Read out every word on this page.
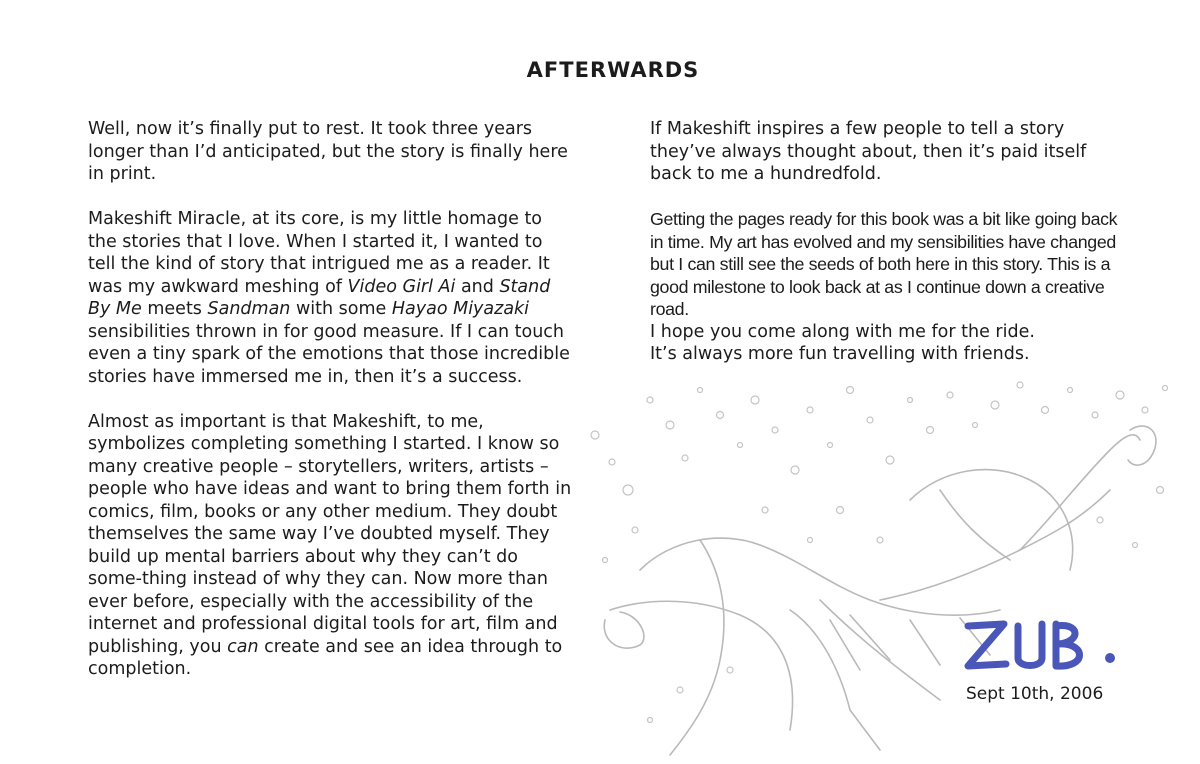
AFTERWARDS

Well, now it’s finally put to rest. It took three years longer than I’d anticipated, but the story is finally here in print.

Makeshift Miracle, at its core, is my little homage to the stories that I love. When I started it, I wanted to tell the kind of story that intrigued me as a reader. It was my awkward meshing of Video Girl Ai and Stand By Me meets Sandman with some Hayao Miyazaki sensibilities thrown in for good measure. If I can touch even a tiny spark of the emotions that those incredible stories have immersed me in, then it’s a success.

Almost as important is that Makeshift, to me, symbolizes completing something I started. I know so many creative people – storytellers, writers, artists – people who have ideas and want to bring them forth in comics, film, books or any other medium. They doubt themselves the same way I’ve doubted myself. They build up mental barriers about why they can’t do some-thing instead of why they can. Now more than ever before, especially with the accessibility of the internet and professional digital tools for art, film and publishing, you can create and see an idea through to completion.

If Makeshift inspires a few people to tell a story they’ve always thought about, then it’s paid itself back to me a hundredfold.

Getting the pages ready for this book was a bit like going back in time. My art has evolved and my sensibilities have changed but I can still see the seeds of both here in this story. This is a good milestone to look back at as I continue down a creative road.

I hope you come along with me for the ride.

It’s always more fun travelling with friends.

Sept 10th, 2006
